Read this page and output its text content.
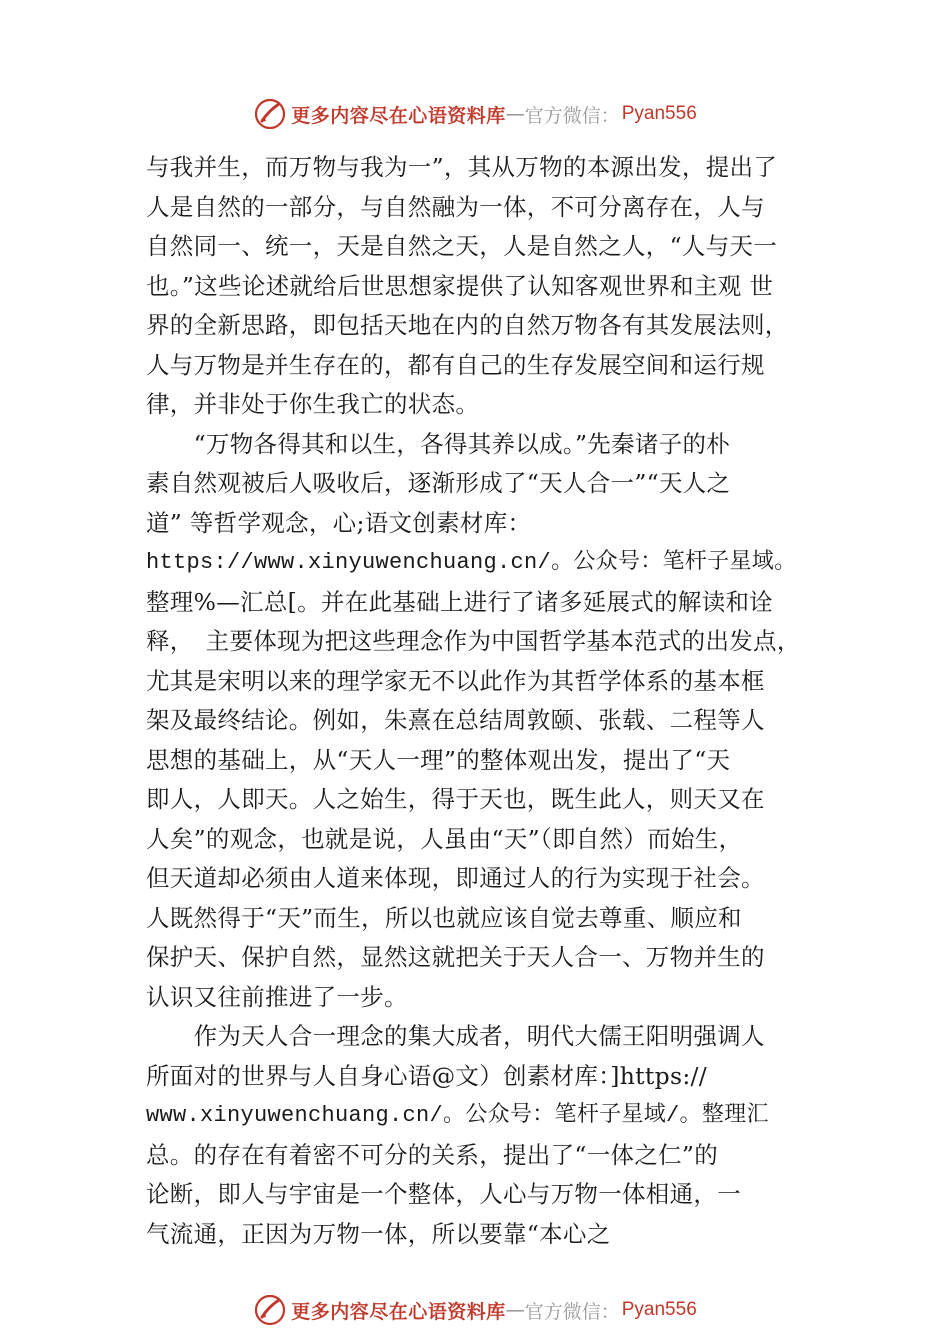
更多内容尽在心语资料库 — 官方微信： Pyan556
与我并生，而万物与我为一”，其从万物的本源出发，提出了
人是自然的一部分，与自然融为一体，不可分离存在，人与
自然同一、统一，天是自然之天，人是自然之人，“人与天一
也。”这些论述就给后世思想家提供了认知客观世界和主观 世
界的全新思路，即包括天地在内的自然万物各有其发展法则，
人与万物是并生存在的，都有自己的生存发展空间和运行规
律，并非处于你生我亡的状态。
　　“万物各得其和以生，各得其养以成。”先秦诸子的朴
素自然观被后人吸收后，逐渐形成了“天人合一”“天人之
道” 等哲学观念，心;语文创素材库：
https://www.xinyuwenchuang.cn/。公众号：笔杆子星域。
整理%—汇总[。并在此基础上进行了诸多延展式的解读和诠
释，　主要体现为把这些理念作为中国哲学基本范式的出发点，
尤其是宋明以来的理学家无不以此作为其哲学体系的基本框
架及最终结论。例如，朱熹在总结周敦颐、张载、二程等人
思想的基础上，从“天人一理”的整体观出发，提出了“天
即人，人即天。人之始生，得于天也，既生此人，则天又在
人矣”的观念，也就是说，人虽由“天”（即自然）而始生，
但天道却必须由人道来体现，即通过人的行为实现于社会。
人既然得于“天”而生，所以也就应该自觉去尊重、顺应和
保护天、保护自然，显然这就把关于天人合一、万物并生的
认识又往前推进了一步。
　　作为天人合一理念的集大成者，明代大儒王阳明强调人
所面对的世界与人自身心语@文）创素材库：]https://
www.xinyuwenchuang.cn/。公众号：笔杆子星域/。整理汇
总。的存在有着密不可分的关系，提出了“一体之仁”的
论断，即人与宇宙是一个整体，人心与万物一体相通，一
气流通，正因为万物一体，所以要靠“本心之
更多内容尽在心语资料库 — 官方微信： Pyan556
